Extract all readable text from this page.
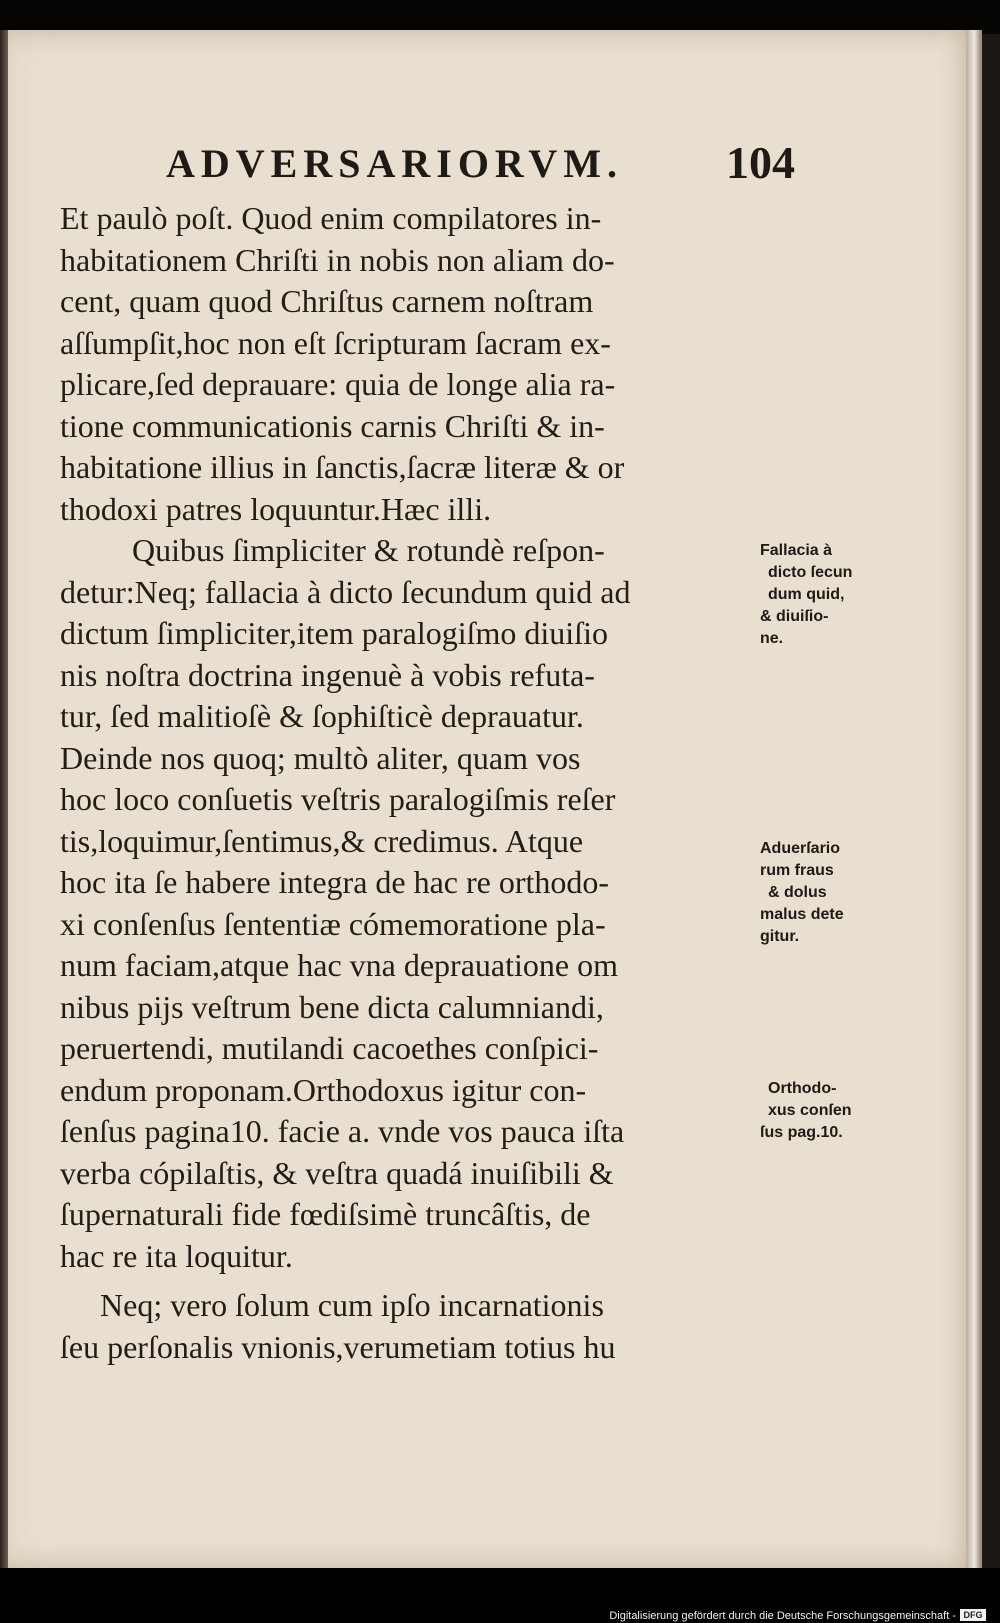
ADVERSARIORVM. 104
Et paulò poſt. Quod enim compilatores in-
habitationem Chriſti in nobis non aliam do-
cent, quam quod Chriſtus carnem noſtram
aſſumpſit,hoc non eſt ſcripturam ſacram ex-
plicare,ſed deprauare: quia de longe alia ra-
tione communicationis carnis Chriſti & in-
habitatione illius in ſanctis,ſacræ literæ & or
thodoxi patres loquuntur.Hæc illi.
Quibus ſimpliciter & rotundè reſpon-
detur:Neq; fallacia à dicto ſecundum quid ad
dictum ſimpliciter,item paralogiſmo diuiſio
nis noſtra doctrina ingenuè à vobis refuta-
tur, ſed malitioſè & ſophiſticè deprauatur.
Deinde nos quoq; multò aliter, quam vos
hoc loco conſuetis veſtris paralogiſmis reſer
tis,loquimur,ſentimus,& credimus. Atque
hoc ita ſe habere integra de hac re orthodo-
xi conſenſus ſententiæ cómemoratione pla-
num faciam,atque hac vna deprauatione om
nibus pijs veſtrum bene dicta calumniandi,
peruertendi, mutilandi cacoethes conſpici-
endum proponam.Orthodoxus igitur con-
ſenſus pagina10. facie a. vnde vos pauca iſta
verba cópilaſtis, & veſtra quadá inuiſibili &
ſupernaturali fide fœdiſsimè truncâſtis, de
hac re ita loquitur.
Neq; vero ſolum cum ipſo incarnationis
ſeu perſonalis vnionis,verumetiam totius hu
Fallacia à
dicto ſecun
dum quid,
& diuiſio-
ne.
Aduerſario
rum fraus
& dolus
malus dete
gitur.
Orthodo-
xus conſen
ſus pag.10.
Digitalisierung gefördert durch die Deutsche Forschungsgemeinschaft - DFG
